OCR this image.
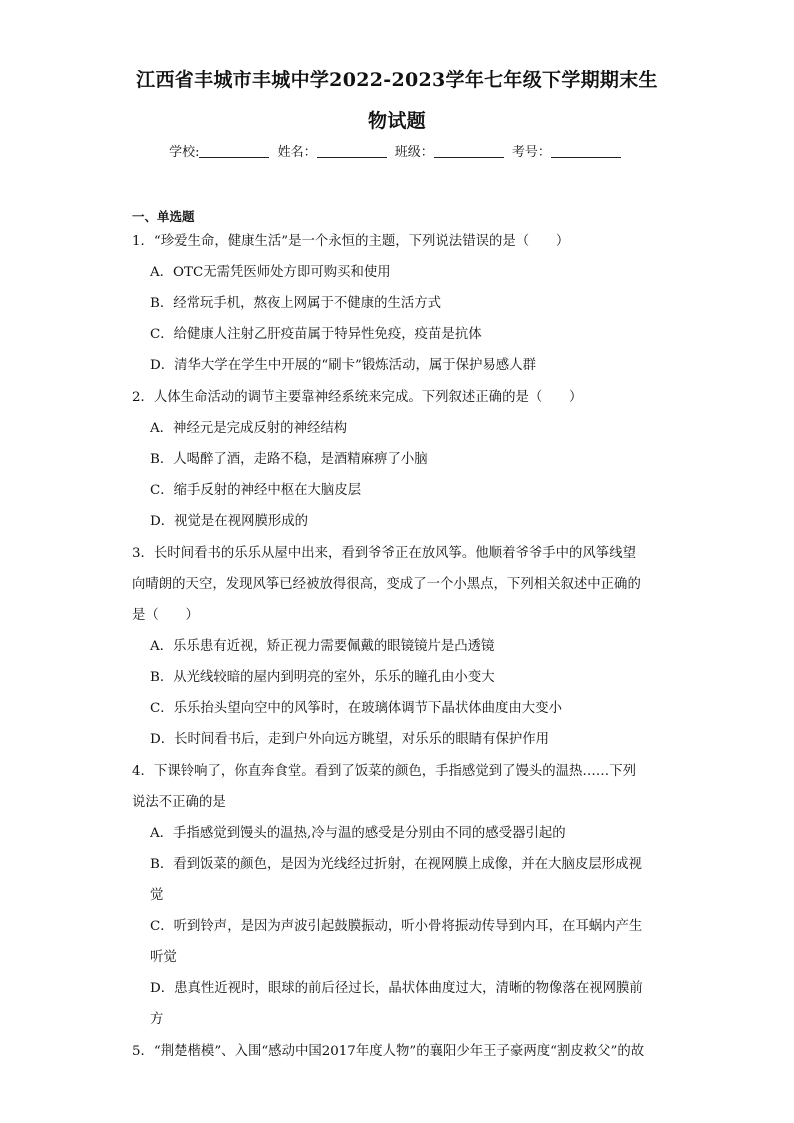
江西省丰城市丰城中学2022-2023学年七年级下学期期末生
物试题
学校:	姓名：	班级：	考号：
一、单选题
1．“珍爱生命，健康生活”是一个永恒的主题，下列说法错误的是（　　）
A．OTC无需凭医师处方即可购买和使用
B．经常玩手机，熬夜上网属于不健康的生活方式
C．给健康人注射乙肝疫苗属于特异性免疫，疫苗是抗体
D．清华大学在学生中开展的“刷卡”锻炼活动，属于保护易感人群
2．人体生命活动的调节主要靠神经系统来完成。下列叙述正确的是（　　）
A．神经元是完成反射的神经结构
B．人喝醉了酒，走路不稳，是酒精麻痹了小脑
C．缩手反射的神经中枢在大脑皮层
D．视觉是在视网膜形成的
3．长时间看书的乐乐从屋中出来，看到爷爷正在放风筝。他顺着爷爷手中的风筝线望
向晴朗的天空，发现风筝已经被放得很高，变成了一个小黑点，下列相关叙述中正确的
是（　　）
A．乐乐患有近视，矫正视力需要佩戴的眼镜镜片是凸透镜
B．从光线较暗的屋内到明亮的室外，乐乐的瞳孔由小变大
C．乐乐抬头望向空中的风筝时，在玻璃体调节下晶状体曲度由大变小
D．长时间看书后，走到户外向远方眺望，对乐乐的眼睛有保护作用
4．下课铃响了，你直奔食堂。看到了饭菜的颜色，手指感觉到了馒头的温热……下列
说法不正确的是
A．手指感觉到馒头的温热,冷与温的感受是分别由不同的感受器引起的
B．看到饭菜的颜色，是因为光线经过折射，在视网膜上成像，并在大脑皮层形成视
觉
C．听到铃声，是因为声波引起鼓膜振动，听小骨将振动传导到内耳，在耳蜗内产生
听觉
D．患真性近视时，眼球的前后径过长，晶状体曲度过大，清晰的物像落在视网膜前
方
5．“荆楚楷模”、入围“感动中国2017年度人物”的襄阳少年王子豪两度“割皮救父”的故
